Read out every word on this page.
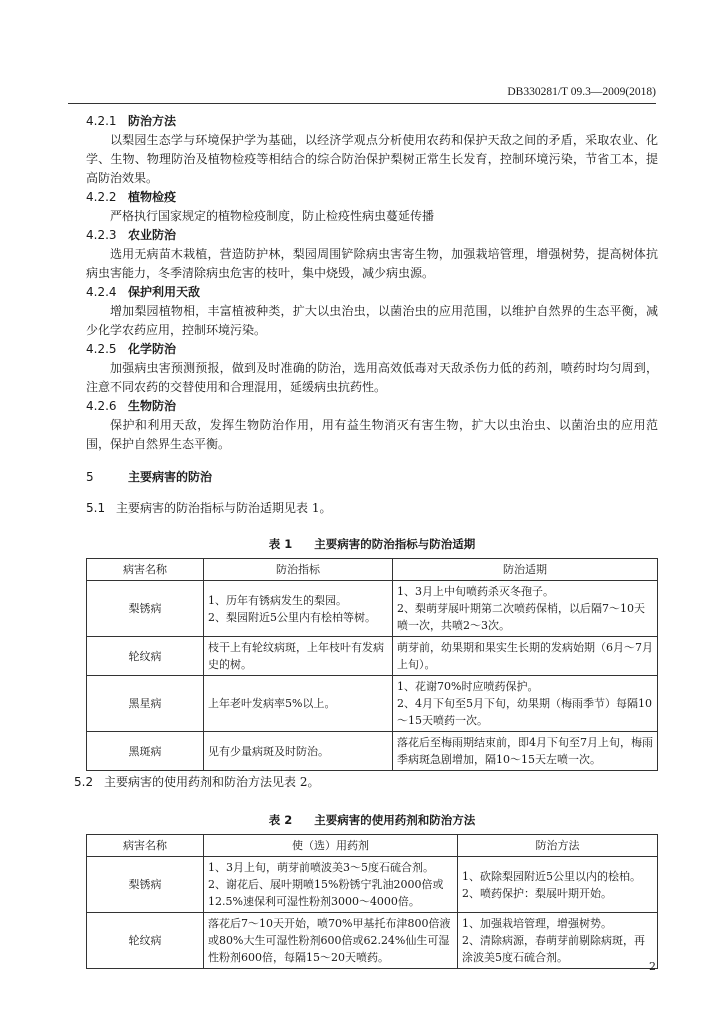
DB330281/T 09.3—2009(2018)

4.2.1 防治方法

以梨园生态学与环境保护学为基础，以经济学观点分析使用农药和保护天敌之间的矛盾，采取农业、化学、生物、物理防治及植物检疫等相结合的综合防治保护梨树正常生长发育，控制环境污染，节省工本，提高防治效果。

4.2.2 植物检疫

严格执行国家规定的植物检疫制度，防止检疫性病虫蔓延传播

4.2.3 农业防治

选用无病苗木栽植，营造防护林，梨园周围铲除病虫害寄生物，加强栽培管理，增强树势，提高树体抗病虫害能力，冬季清除病虫危害的枝叶，集中烧毁，减少病虫源。

4.2.4 保护利用天敌

增加梨园植物相，丰富植被种类，扩大以虫治虫，以菌治虫的应用范围，以维护自然界的生态平衡，减少化学农药应用，控制环境污染。

4.2.5 化学防治

加强病虫害预测预报，做到及时准确的防治，选用高效低毒对天敌杀伤力低的药剂，喷药时均匀周到，注意不同农药的交替使用和合理混用，延缓病虫抗药性。

4.2.6 生物防治

保护和利用天敌，发挥生物防治作用，用有益生物消灭有害生物，扩大以虫治虫、以菌治虫的应用范围，保护自然界生态平衡。

5	主要病害的防治

5.1 主要病害的防治指标与防治适期见表 1。

表 1 主要病害的防治指标与防治适期
病害名称	防治指标	防治适期
梨锈病	1、历年有锈病发生的梨园。
2、梨园附近5公里内有桧柏等树。	1、3月上中旬喷药杀灭冬孢子。
2、梨萌芽展叶期第二次喷药保梢，以后隔7～10天喷一次，共喷2～3次。

轮纹病	枝干上有轮纹病斑，上年枝叶有发病史的树。	萌芽前，幼果期和果实生长期的发病始期（6月～7月上旬）。

黑星病	上年老叶发病率5%以上。	1、花谢70%时应喷药保护。
2、4月下旬至5月下旬，幼果期（梅雨季节）每隔10～15天喷药一次。

黑斑病	见有少量病斑及时防治。	落花后至梅雨期结束前，即4月下旬至7月上旬，梅雨季病斑急剧增加，隔10～15天左喷一次。

5.2 主要病害的使用药剂和防治方法见表 2。

表 2 主要病害的使用药剂和防治方法
病害名称	使（选）用药剂	防治方法
梨锈病	1、3月上旬，萌芽前喷波美3～5度石硫合剂。
2、谢花后、展叶期喷15%粉锈宁乳油2000倍或12.5%速保利可湿性粉剂3000～4000倍。	1、砍除梨园附近5公里以内的桧柏。
2、喷药保护：梨展叶期开始。

轮纹病	落花后7～10天开始，喷70%甲基托布津800倍液或80%大生可湿性粉剂600倍或62.24%仙生可湿性粉剂600倍，每隔15～20天喷药。	1、加强栽培管理，增强树势。
2、清除病源，春萌芽前剔除病斑，再涂波美5度石硫合剂。
2
